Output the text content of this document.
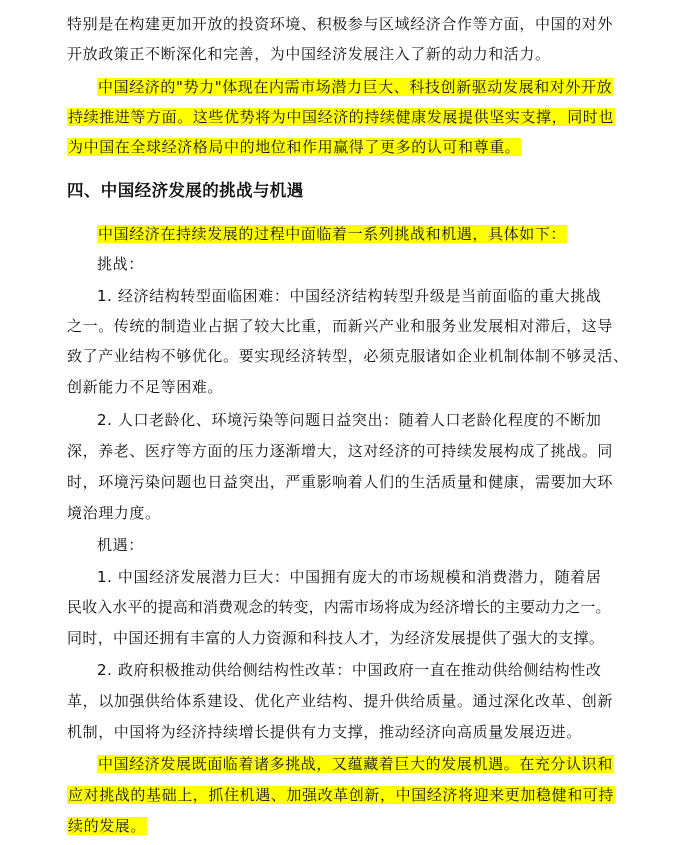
特别是在构建更加开放的投资环境、积极参与区域经济合作等方面，中国的对外
开放政策正不断深化和完善，为中国经济发展注入了新的动力和活力。
中国经济的"势力"体现在内需市场潜力巨大、科技创新驱动发展和对外开放
持续推进等方面。这些优势将为中国经济的持续健康发展提供坚实支撑，同时也
为中国在全球经济格局中的地位和作用赢得了更多的认可和尊重。
四、中国经济发展的挑战与机遇
中国经济在持续发展的过程中面临着一系列挑战和机遇，具体如下：
挑战：
1. 经济结构转型面临困难：中国经济结构转型升级是当前面临的重大挑战
之一。传统的制造业占据了较大比重，而新兴产业和服务业发展相对滞后，这导
致了产业结构不够优化。要实现经济转型，必须克服诸如企业机制体制不够灵活、
创新能力不足等困难。
2. 人口老龄化、环境污染等问题日益突出：随着人口老龄化程度的不断加
深，养老、医疗等方面的压力逐渐增大，这对经济的可持续发展构成了挑战。同
时，环境污染问题也日益突出，严重影响着人们的生活质量和健康，需要加大环
境治理力度。
机遇：
1. 中国经济发展潜力巨大：中国拥有庞大的市场规模和消费潜力，随着居
民收入水平的提高和消费观念的转变，内需市场将成为经济增长的主要动力之一。
同时，中国还拥有丰富的人力资源和科技人才，为经济发展提供了强大的支撑。
2. 政府积极推动供给侧结构性改革：中国政府一直在推动供给侧结构性改
革，以加强供给体系建设、优化产业结构、提升供给质量。通过深化改革、创新
机制，中国将为经济持续增长提供有力支撑，推动经济向高质量发展迈进。
中国经济发展既面临着诸多挑战，又蕴藏着巨大的发展机遇。在充分认识和
应对挑战的基础上，抓住机遇、加强改革创新，中国经济将迎来更加稳健和可持
续的发展。
